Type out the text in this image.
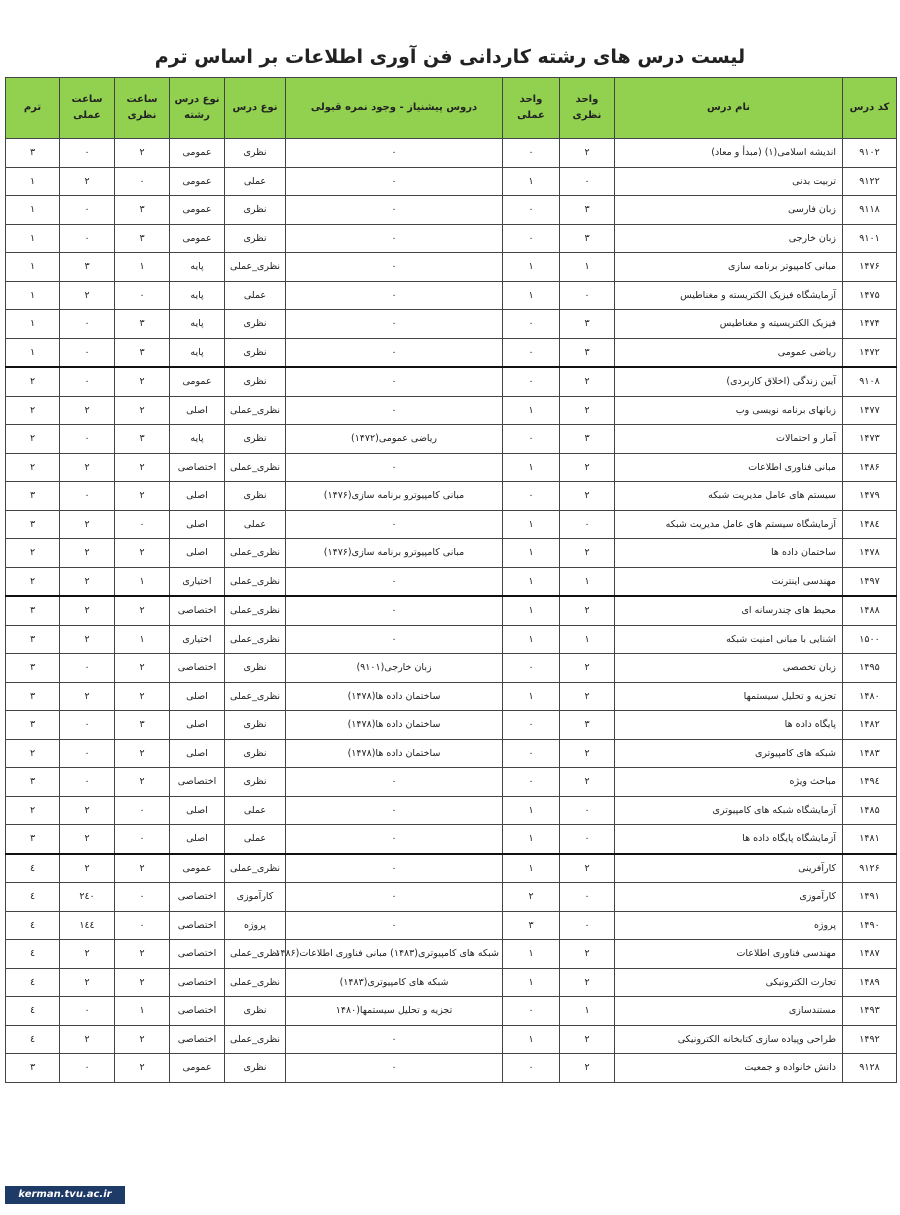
لیست درس های رشته کاردانی فن آوری اطلاعات بر اساس ترم
کد درس	نام درس	واحد نظری	واحد عملی	دروس پیشنیاز - وجود نمره قبولی	نوع درس	نوع درس رشته	ساعت نظری	ساعت عملی	ترم
۹۱۰۲	اندیشه اسلامی(۱) (مبدأ و معاد)	۲	۰	۰	نظری	عمومی	۲	۰	۳
۹۱۲۲	تربیت بدنی	۰	۱	۰	عملی	عمومی	۰	۲	۱
۹۱۱۸	زبان فارسی	۳	۰	۰	نظری	عمومی	۳	۰	۱
۹۱۰۱	زبان خارجی	۳	۰	۰	نظری	عمومی	۳	۰	۱
۱۴۷۶	مبانی کامپیوتر برنامه سازی	۱	۱	۰	نظری_عملی	پایه	۱	۳	۱
۱۴۷۵	آزمایشگاه فیزیک الکتریسته و مغناطیس	۰	۱	۰	عملی	پایه	۰	۲	۱
۱۴۷۴	فیزیک الکتریسیته و مغناطیس	۳	۰	۰	نظری	پایه	۳	۰	۱
۱۴۷۲	ریاضی عمومی	۳	۰	۰	نظری	پایه	۳	۰	۱
۹۱۰۸	آیین زندگی (اخلاق کاربردی)	۲	۰	۰	نظری	عمومی	۲	۰	۲
۱۴۷۷	زبانهای برنامه نویسی وب	۲	۱	۰	نظری_عملی	اصلی	۲	۲	۲
۱۴۷۳	آمار و احتمالات	۳	۰	ریاضی عمومی(۱۴۷۲)	نظری	پایه	۳	۰	۲
۱۴۸۶	مبانی فناوری اطلاعات	۲	۱	۰	نظری_عملی	اختصاصی	۲	۲	۲
۱۴۷۹	سیستم های عامل مدیریت شبکه	۲	۰	مبانی کامپیوترو برنامه سازی(۱۴۷۶)	نظری	اصلی	۲	۰	۳
۱۴۸٤	آزمایشگاه سیستم های عامل مدیریت شبکه	۰	۱	۰	عملی	اصلی	۰	۲	۳
۱۴۷۸	ساختمان داده ها	۲	۱	مبانی کامپیوترو برنامه سازی(۱۴۷۶)	نظری_عملی	اصلی	۲	۲	۲
۱۴۹۷	مهندسی اینترنت	۱	۱	۰	نظری_عملی	اختیاری	۱	۲	۲
۱۴۸۸	محیط های چندرسانه ای	۲	۱	۰	نظری_عملی	اختصاصی	۲	۲	۳
۱۵۰۰	اشنایی با مبانی امنیت شبکه	۱	۱	۰	نظری_عملی	اختیاری	۱	۲	۳
۱۴۹۵	زبان تخصصی	۲	۰	زبان خارجی(۹۱۰۱)	نظری	اختصاصی	۲	۰	۳
۱۴۸۰	تجزیه و تحلیل سیستمها	۲	۱	ساختمان داده ها(۱۴۷۸)	نظری_عملی	اصلی	۲	۲	۳
۱۴۸۲	پایگاه داده ها	۳	۰	ساختمان داده ها(۱۴۷۸)	نظری	اصلی	۳	۰	۳
۱۴۸۳	شبکه های کامپیوتری	۲	۰	ساختمان داده ها(۱۴۷۸)	نظری	اصلی	۲	۰	۲
۱۴۹٤	مباحث ویژه	۲	۰	۰	نظری	اختصاصی	۲	۰	۳
۱۴۸۵	آزمایشگاه شبکه های کامپیوتری	۰	۱	۰	عملی	اصلی	۰	۲	۲
۱۴۸۱	آزمایشگاه پایگاه داده ها	۰	۱	۰	عملی	اصلی	۰	۲	۳
۹۱۲۶	کارآفرینی	۲	۱	۰	نظری_عملی	عمومی	۲	۲	٤
۱۴۹۱	کارآموزی	۰	۲	۰	کارآموزی	اختصاصی	۰	۲٤۰	٤
۱۴۹۰	پروژه	۰	۳	۰	پروژه	اختصاصی	۰	۱٤٤	٤
۱۴۸۷	مهندسی فناوری اطلاعات	۲	۱	شبکه های کامپیوتری(۱۴۸۳) مبانی فناوری اطلاعات(۱۴۸۶	نظری_عملی	اختصاصی	۲	۲	٤
۱۴۸۹	تجارت الکترونیکی	۲	۱	شبکه های کامپیوتری(۱۴۸۳)	نظری_عملی	اختصاصی	۲	۲	٤
۱۴۹۳	مستندسازی	۱	۰	تجزیه و تحلیل سیستمها(۱۴۸۰	نظری	اختصاصی	۱	۰	٤
۱۴۹۲	طراحی وپیاده سازی کتابخانه الکترونیکی	۲	۱	۰	نظری_عملی	اختصاصی	۲	۲	٤
۹۱۲۸	دانش خانواده و جمعیت	۲	۰	۰	نظری	عمومی	۲	۰	۳
kerman.tvu.ac.ir
